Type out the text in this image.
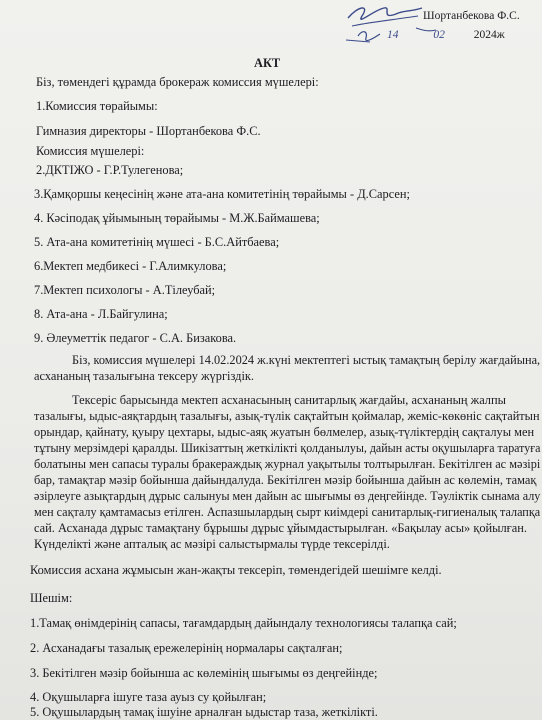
Шортанбекова Ф.С.
14	02	2024ж
АКТ
Біз, төмендегі құрамда брокераж комиссия мүшелері:
1.Комиссия төрайымы:
Гимназия директоры - Шортанбекова Ф.С.
Комиссия мүшелері:
2.ДКТІЖО - Г.Р.Тулегенова;
3.Қамқоршы кеңесінің және ата-ана комитетінің төрайымы - Д.Сарсен;
4. Кәсіподақ ұйымының төрайымы - М.Ж.Баймашева;
5. Ата-ана комитетінің мүшесі - Б.С.Айтбаева;
6.Мектеп медбикесі - Г.Алимкулова;
7.Мектеп психологы - А.Тілеубай;
8. Ата-ана - Л.Байгулина;
9. Әлеуметтік педагог - С.А. Бизакова.
Біз, комиссия мүшелері 14.02.2024 ж.күні мектептегі ыстық тамақтың берілу жағдайына,
асхананың тазалығына тексеру жүргіздік.
Тексеріс барысында мектеп асханасының санитарлық жағдайы, асхананың жалпы
тазалығы, ыдыс-аяқтардың тазалығы, азық-түлік сақтайтын қоймалар, жеміс-көкөніс сақтайтын
орындар, қайнату, қуыру цехтары, ыдыс-аяқ жуатын бөлмелер, азық-түліктердің сақталуы мен
тұтыну мерзімдері қаралды. Шикізаттың жеткілікті қолданылуы, дайын асты оқушыларға таратуға
болатыны мен сапасы туралы бракераждық журнал уақытылы толтырылған. Бекітілген ас мәзірі
бар, тамақтар мәзір бойынша дайындалуда. Бекітілген мәзір бойынша дайын ас көлемін, тамақ
әзірлеуге азықтардың дұрыс салынуы мен дайын ас шығымы өз деңгейінде. Тәуліктік сынама алу
мен сақталу қамтамасыз етілген. Аспазшылардың сырт киімдері санитарлық-гигиеналық талапқа
сай. Асханада дұрыс тамақтану бұрышы дұрыс ұйымдастырылған. «Бақылау асы» қойылған.
Күнделікті және апталық ас мәзірі салыстырмалы түрде тексерілді.
Комиссия асхана жұмысын жан-жақты тексеріп, төмендегідей шешімге келді.
Шешім:
1.Тамақ өнімдерінің сапасы, тағамдардың дайындалу технологиясы талапқа сай;
2. Асханадағы тазалық ережелерінің нормалары сақталған;
3. Бекітілген мәзір бойынша ас көлемінің шығымы өз деңгейінде;
4. Оқушыларға ішуге таза ауыз су қойылған;
5. Оқушылардың тамақ ішуіне арналған ыдыстар таза, жеткілікті.
